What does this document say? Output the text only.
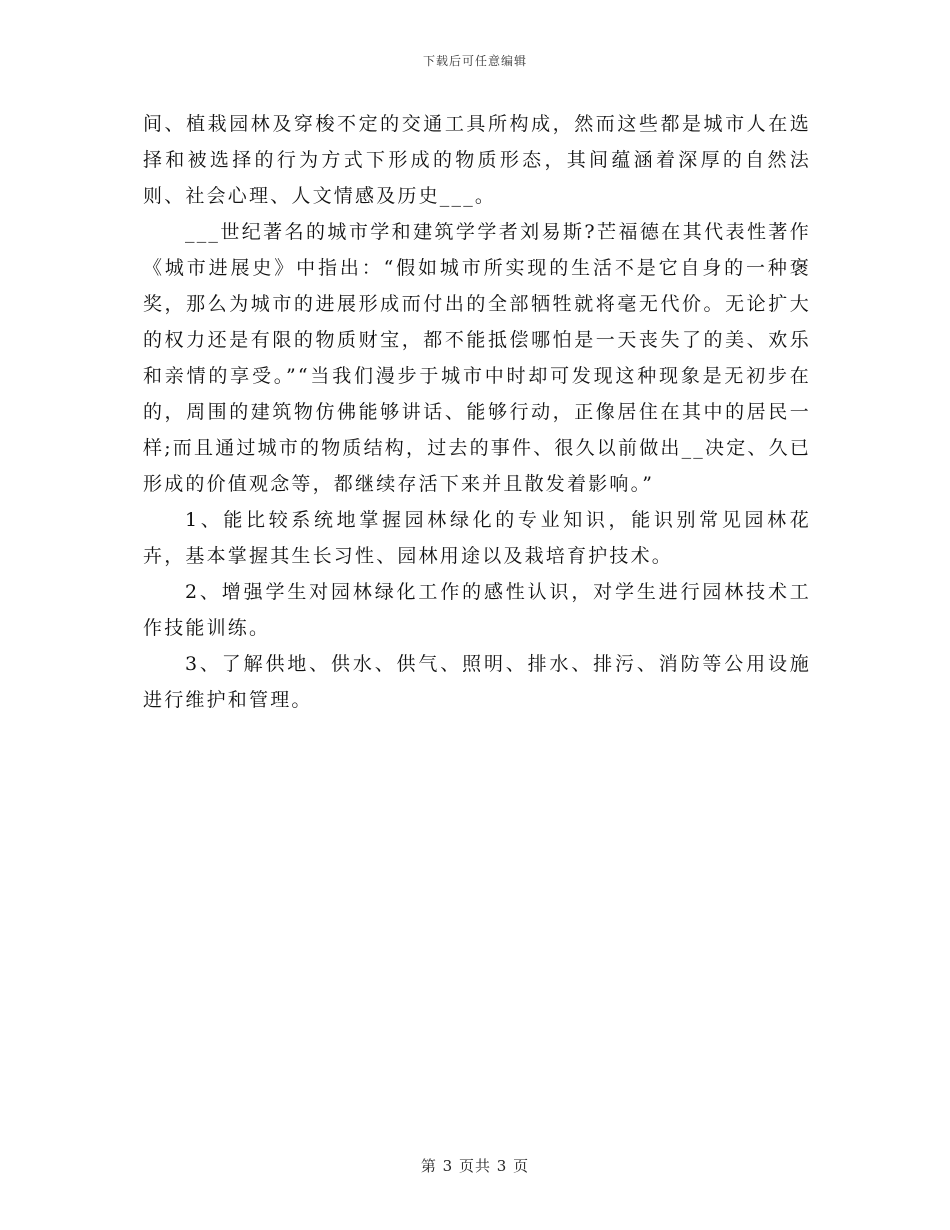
下载后可任意编辑

间、植栽园林及穿梭不定的交通工具所构成，然而这些都是城市人在选择和被选择的行为方式下形成的物质形态，其间蕴涵着深厚的自然法则、社会心理、人文情感及历史___。

___世纪著名的城市学和建筑学学者刘易斯?芒福德在其代表性著作《城市进展史》中指出：“假如城市所实现的生活不是它自身的一种褒奖，那么为城市的进展形成而付出的全部牺牲就将毫无代价。无论扩大的权力还是有限的物质财宝，都不能抵偿哪怕是一天丧失了的美、欢乐和亲情的享受。”“当我们漫步于城市中时却可发现这种现象是无初步在的，周围的建筑物仿佛能够讲话、能够行动，正像居住在其中的居民一样;而且通过城市的物质结构，过去的事件、很久以前做出__决定、久已形成的价值观念等，都继续存活下来并且散发着影响。”

1、能比较系统地掌握园林绿化的专业知识，能识别常见园林花卉，基本掌握其生长习性、园林用途以及栽培育护技术。

2、增强学生对园林绿化工作的感性认识，对学生进行园林技术工作技能训练。

3、了解供地、供水、供气、照明、排水、排污、消防等公用设施进行维护和管理。

第 3 页共 3 页
